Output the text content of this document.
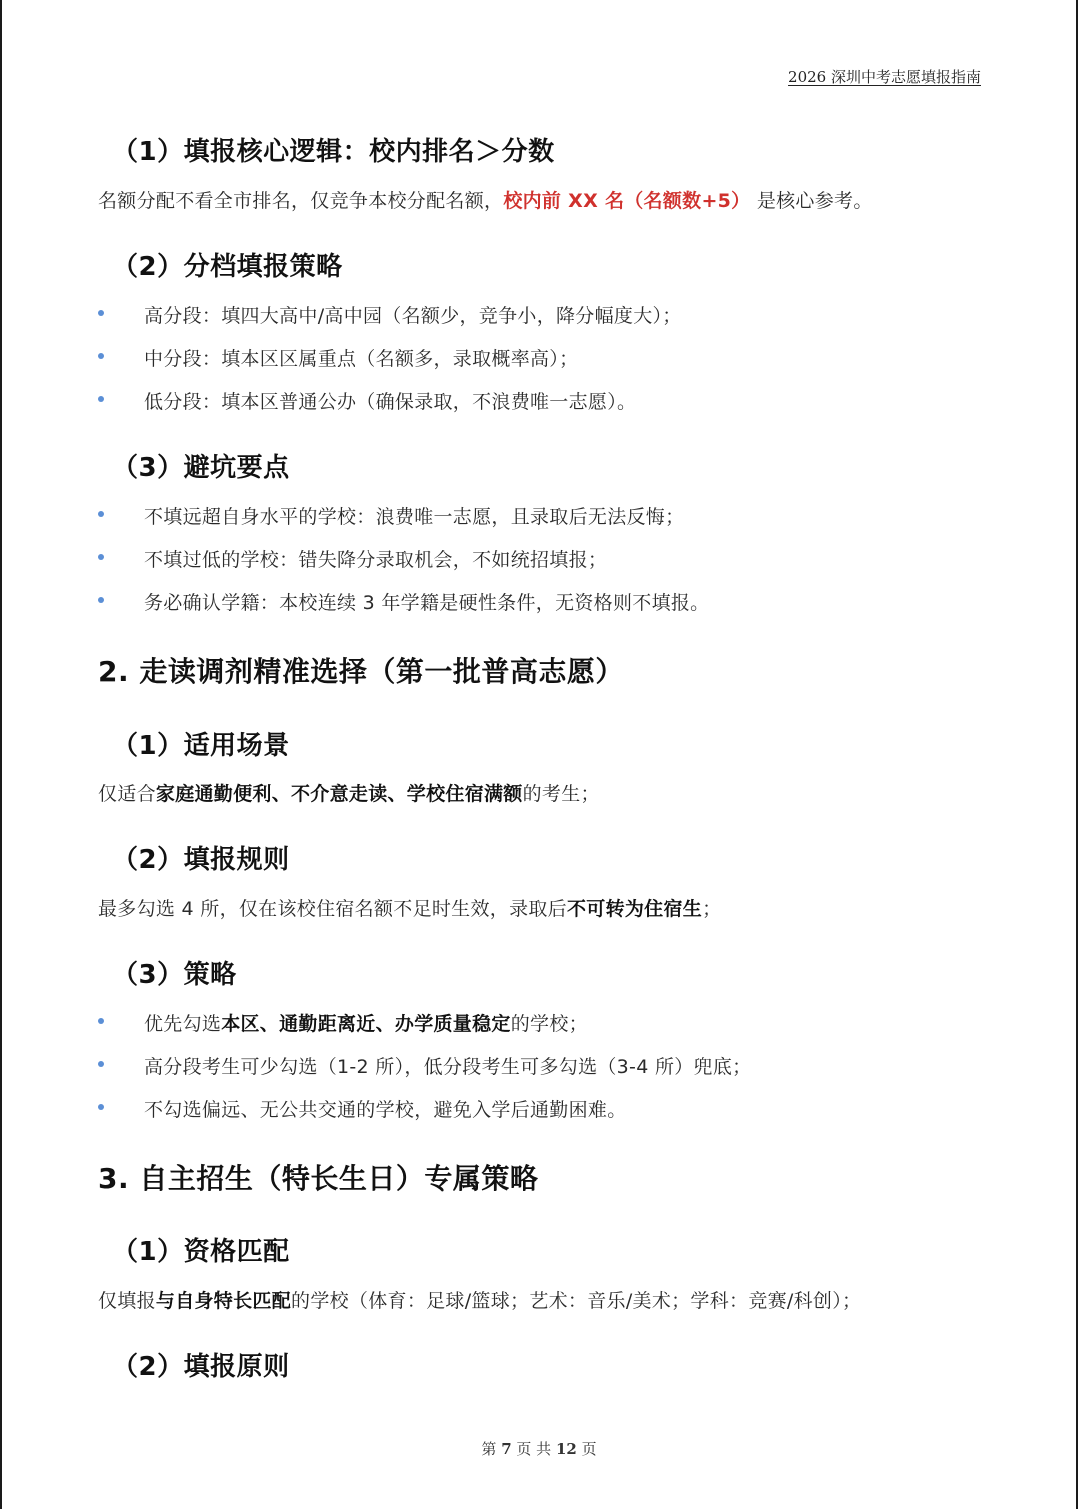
2026 深圳中考志愿填报指南
（1）填报核心逻辑：校内排名＞分数
名额分配不看全市排名，仅竞争本校分配名额，校内前 XX 名（名额数+5） 是核心参考。
（2）分档填报策略
高分段：填四大高中/高中园（名额少，竞争小，降分幅度大）；
中分段：填本区区属重点（名额多，录取概率高）；
低分段：填本区普通公办（确保录取，不浪费唯一志愿）。
（3）避坑要点
不填远超自身水平的学校：浪费唯一志愿，且录取后无法反悔；
不填过低的学校：错失降分录取机会，不如统招填报；
务必确认学籍：本校连续 3 年学籍是硬性条件，无资格则不填报。
2. 走读调剂精准选择（第一批普高志愿）
（1）适用场景
仅适合家庭通勤便利、不介意走读、学校住宿满额的考生；
（2）填报规则
最多勾选 4 所，仅在该校住宿名额不足时生效，录取后不可转为住宿生；
（3）策略
优先勾选本区、通勤距离近、办学质量稳定的学校；
高分段考生可少勾选（1-2 所），低分段考生可多勾选（3-4 所）兜底；
不勾选偏远、无公共交通的学校，避免入学后通勤困难。
3. 自主招生（特长生日）专属策略
（1）资格匹配
仅填报与自身特长匹配的学校（体育：足球/篮球；艺术：音乐/美术；学科：竞赛/科创）；
（2）填报原则
第 7 页 共 12 页
